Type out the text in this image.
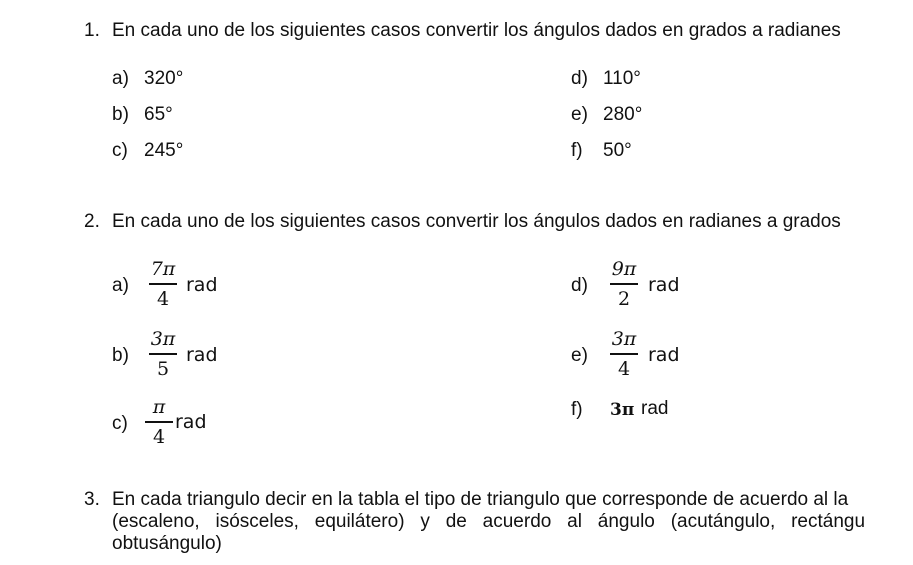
1. En cada uno de los siguientes casos convertir los ángulos dados en grados a radianes
a) 320°
b) 65°
c) 245°
d) 110°
e) 280°
f) 50°
2. En cada uno de los siguientes casos convertir los ángulos dados en radianes a grados
a)
7π
4
rad
b)
3π
5
rad
c)
π
4
rad
d)
9π
2
rad
e)
3π
4
rad
f) 3π rad
3. En cada triangulo decir en la tabla el tipo de triangulo que corresponde de acuerdo al la
(escaleno,   isósceles,   equilátero)   y   de   acuerdo   al   ángulo   (acutángulo,   rectángu
obtusángulo)
